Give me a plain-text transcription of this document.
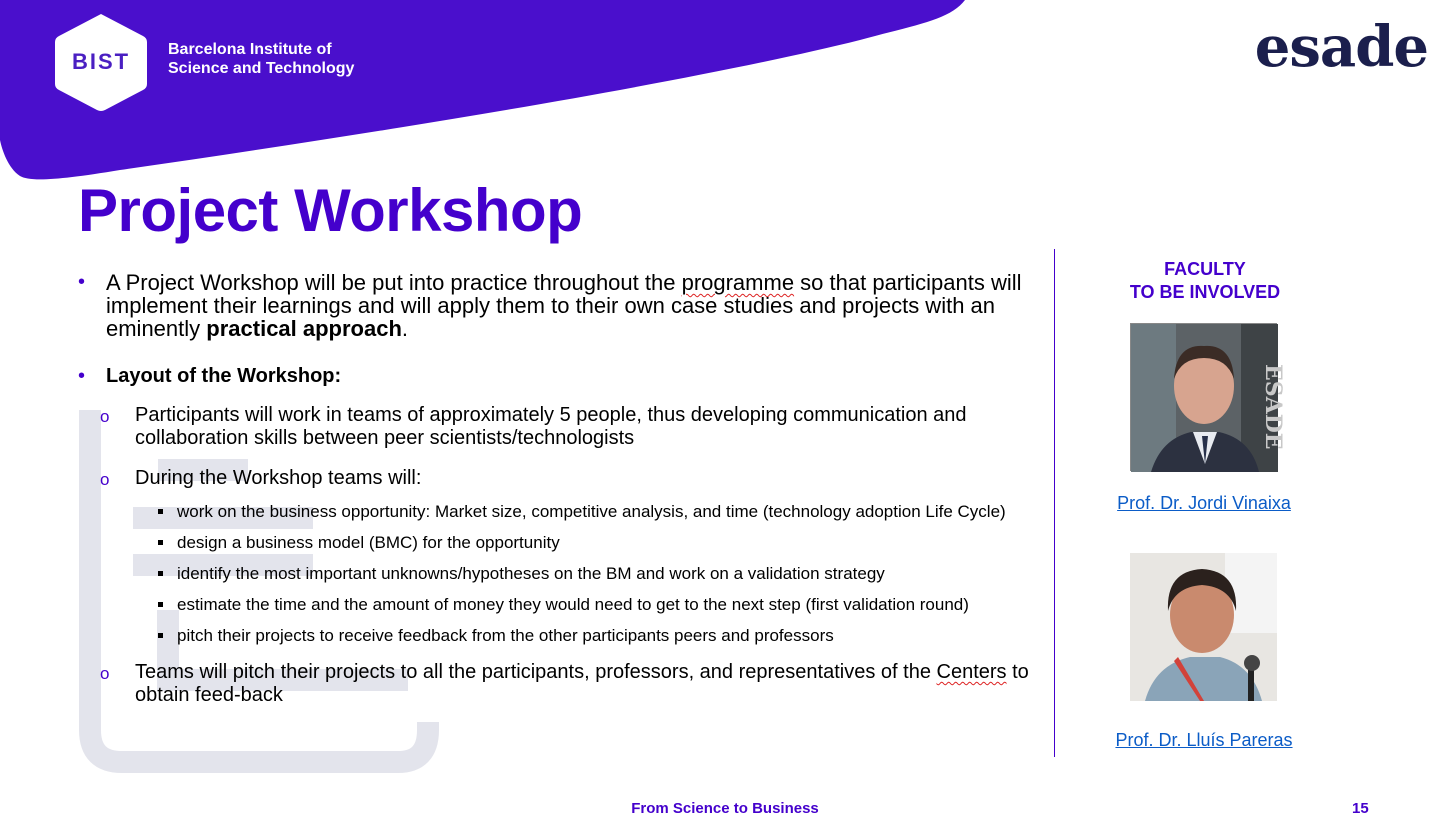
BIST	Barcelona Institute of
Science and Technology	esade
Project Workshop
• A Project Workshop will be put into practice throughout the programme so that participants will implement their learnings and will apply them to their own case studies and projects with an eminently practical approach.
• Layout of the Workshop:
o Participants will work in teams of approximately 5 people, thus developing communication and collaboration skills between peer scientists/technologists
o During the Workshop teams will:
work on the business opportunity: Market size, competitive analysis, and time (technology adoption Life Cycle)
design a business model (BMC) for the opportunity
identify the most important unknowns/hypotheses on the BM and work on a validation strategy
estimate the time and the amount of money they would need to get to the next step (first validation round)
pitch their projects to receive feedback from the other participants peers and professors
o Teams will pitch their projects to all the participants, professors, and representatives of the Centers to obtain feed-back
FACULTY
TO BE INVOLVED
ESADE
Prof. Dr. Jordi Vinaixa
Prof. Dr. Lluís Pareras
From Science to Business	15
